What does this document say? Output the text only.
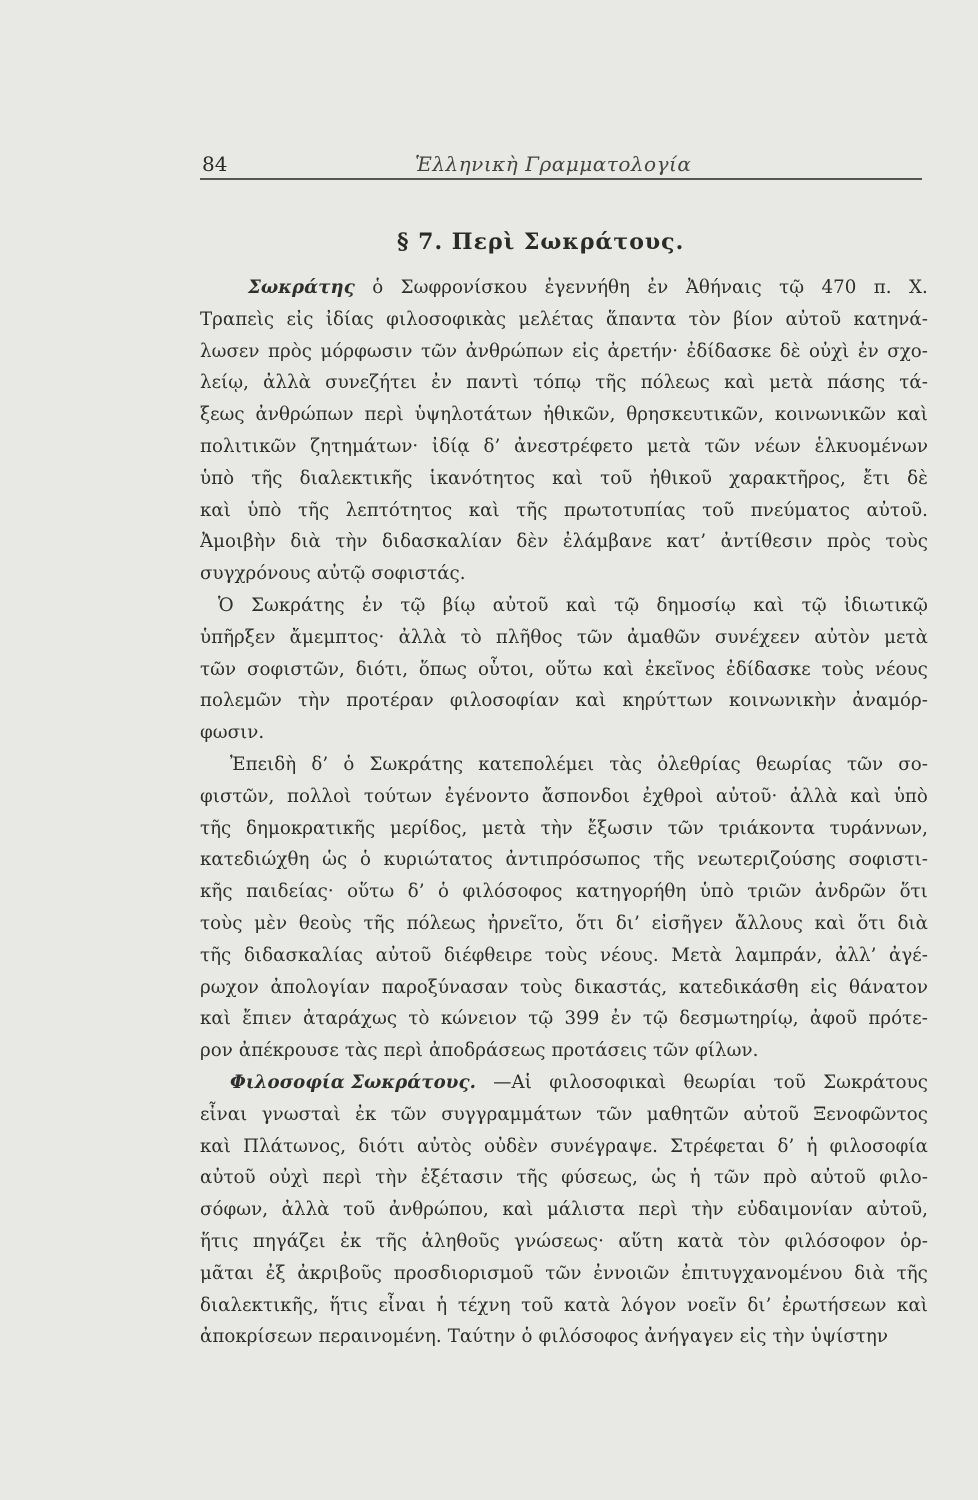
84	Ἑλληνικὴ Γραμματολογία
§ 7. Περὶ Σωκράτους.
Σωκράτης ὁ Σωφρονίσκου ἐγεννήθη ἐν Ἀθήναις τῷ 470 π. Χ.
Τραπεὶς εἰς ἰδίας φιλοσοφικὰς μελέτας ἅπαντα τὸν βίον αὐτοῦ κατηνά-
λωσεν πρὸς μόρφωσιν τῶν ἀνθρώπων εἰς ἀρετήν· ἐδίδασκε δὲ οὐχὶ ἐν σχο-
λείῳ, ἀλλὰ συνεζήτει ἐν παντὶ τόπῳ τῆς πόλεως καὶ μετὰ πάσης τά-
ξεως ἀνθρώπων περὶ ὑψηλοτάτων ἠθικῶν, θρησκευτικῶν, κοινωνικῶν καὶ
πολιτικῶν ζητημάτων· ἰδίᾳ δ’ ἀνεστρέφετο μετὰ τῶν νέων ἑλκυομένων
ὑπὸ τῆς διαλεκτικῆς ἱκανότητος καὶ τοῦ ἠθικοῦ χαρακτῆρος, ἔτι δὲ
καὶ ὑπὸ τῆς λεπτότητος καὶ τῆς πρωτοτυπίας τοῦ πνεύματος αὐτοῦ.
Ἀμοιβὴν διὰ τὴν διδασκαλίαν δὲν ἐλάμβανε κατ’ ἀντίθεσιν πρὸς τοὺς
συγχρόνους αὐτῷ σοφιστάς.
Ὁ Σωκράτης ἐν τῷ βίῳ αὐτοῦ καὶ τῷ δημοσίῳ καὶ τῷ ἰδιωτικῷ
ὑπῆρξεν ἄμεμπτος· ἀλλὰ τὸ πλῆθος τῶν ἀμαθῶν συνέχεεν αὐτὸν μετὰ
τῶν σοφιστῶν, διότι, ὅπως οὗτοι, οὕτω καὶ ἐκεῖνος ἐδίδασκε τοὺς νέους
πολεμῶν τὴν προτέραν φιλοσοφίαν καὶ κηρύττων κοινωνικὴν ἀναμόρ-
φωσιν.
Ἐπειδὴ δ’ ὁ Σωκράτης κατεπολέμει τὰς ὀλεθρίας θεωρίας τῶν σο-
φιστῶν, πολλοὶ τούτων ἐγένοντο ἄσπονδοι ἐχθροὶ αὐτοῦ· ἀλλὰ καὶ ὑπὸ
τῆς δημοκρατικῆς μερίδος, μετὰ τὴν ἔξωσιν τῶν τριάκοντα τυράννων,
κατεδιώχθη ὡς ὁ κυριώτατος ἀντιπρόσωπος τῆς νεωτεριζούσης σοφιστι-
κῆς παιδείας· οὕτω δ’ ὁ φιλόσοφος κατηγορήθη ὑπὸ τριῶν ἀνδρῶν ὅτι
τοὺς μὲν θεοὺς τῆς πόλεως ἠρνεῖτο, ὅτι δι’ εἰσῆγεν ἄλλους καὶ ὅτι διὰ
τῆς διδασκαλίας αὐτοῦ διέφθειρε τοὺς νέους. Μετὰ λαμπράν, ἀλλ’ ἀγέ-
ρωχον ἀπολογίαν παροξύνασαν τοὺς δικαστάς, κατεδικάσθη εἰς θάνατον
καὶ ἔπιεν ἀταράχως τὸ κώνειον τῷ 399 ἐν τῷ δεσμωτηρίῳ, ἀφοῦ πρότε-
ρον ἀπέκρουσε τὰς περὶ ἀποδράσεως προτάσεις τῶν φίλων.
Φιλοσοφία Σωκράτους. —Αἱ φιλοσοφικαὶ θεωρίαι τοῦ Σωκράτους
εἶναι γνωσταὶ ἐκ τῶν συγγραμμάτων τῶν μαθητῶν αὐτοῦ Ξενοφῶντος
καὶ Πλάτωνος, διότι αὐτὸς οὐδὲν συνέγραψε. Στρέφεται δ’ ἡ φιλοσοφία
αὐτοῦ οὐχὶ περὶ τὴν ἐξέτασιν τῆς φύσεως, ὡς ἡ τῶν πρὸ αὐτοῦ φιλο-
σόφων, ἀλλὰ τοῦ ἀνθρώπου, καὶ μάλιστα περὶ τὴν εὐδαιμονίαν αὐτοῦ,
ἥτις πηγάζει ἐκ τῆς ἀληθοῦς γνώσεως· αὕτη κατὰ τὸν φιλόσοφον ὁρ-
μᾶται ἐξ ἀκριβοῦς προσδιορισμοῦ τῶν ἐννοιῶν ἐπιτυγχανομένου διὰ τῆς
διαλεκτικῆς, ἥτις εἶναι ἡ τέχνη τοῦ κατὰ λόγον νοεῖν δι’ ἐρωτήσεων καὶ
ἀποκρίσεων περαινομένη. Ταύτην ὁ φιλόσοφος ἀνήγαγεν εἰς τὴν ὑψίστην
